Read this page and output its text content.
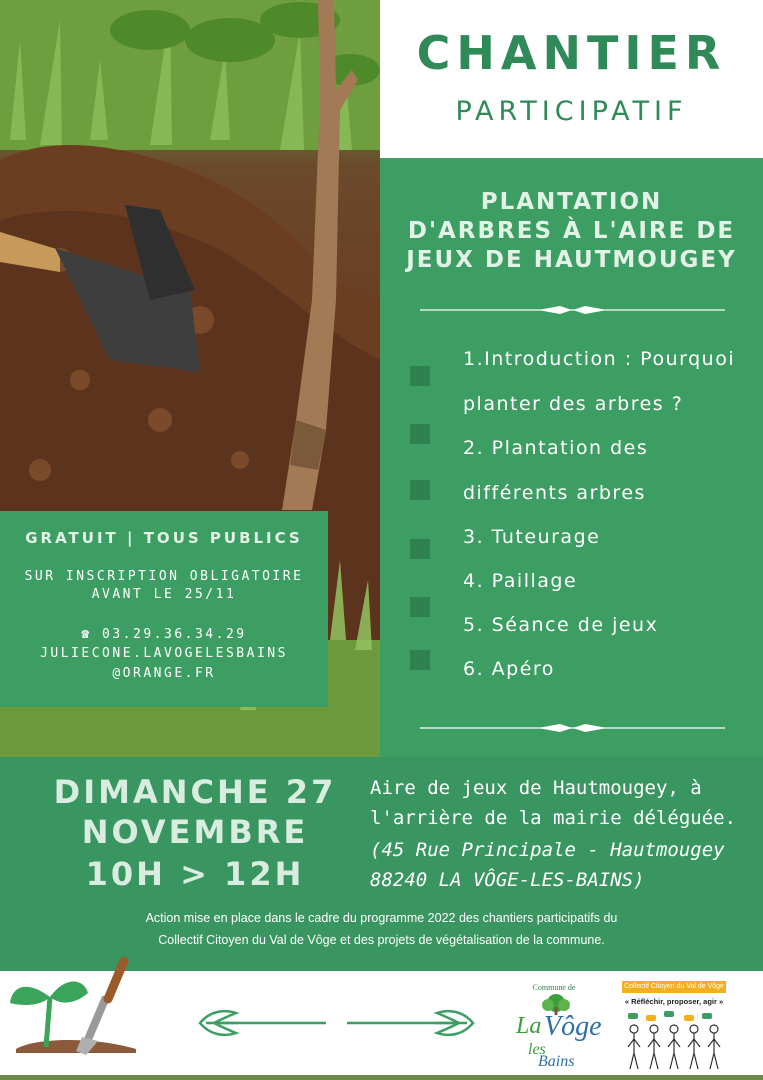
CHANTIER
PARTICIPATIF
PLANTATION
D'ARBRES À L'AIRE DE
JEUX DE HAUTMOUGEY
1.Introduction : Pourquoi
planter des arbres ?
2. Plantation des
différents arbres
3. Tuteurage
4. Paillage
5. Séance de jeux
6. Apéro
GRATUIT | TOUS PUBLICS
SUR INSCRIPTION OBLIGATOIRE
AVANT LE 25/11
☎ 03.29.36.34.29
JULIECONE.LAVOGELESBAINS
@ORANGE.FR
DIMANCHE 27
NOVEMBRE
10H > 12H
Aire de jeux de Hautmougey, à
l'arrière de la mairie déléguée.
(45 Rue Principale - Hautmougey
88240 LA VÔGE-LES-BAINS)
Action mise en place dans le cadre du programme 2022 des chantiers participatifs du
Collectif Citoyen du Val de Vôge et des projets de végétalisation de la commune.
Commune de
La Vôge
les
Bains
Collectif Citoyen du Val de Vôge
« Réfléchir, proposer, agir »
